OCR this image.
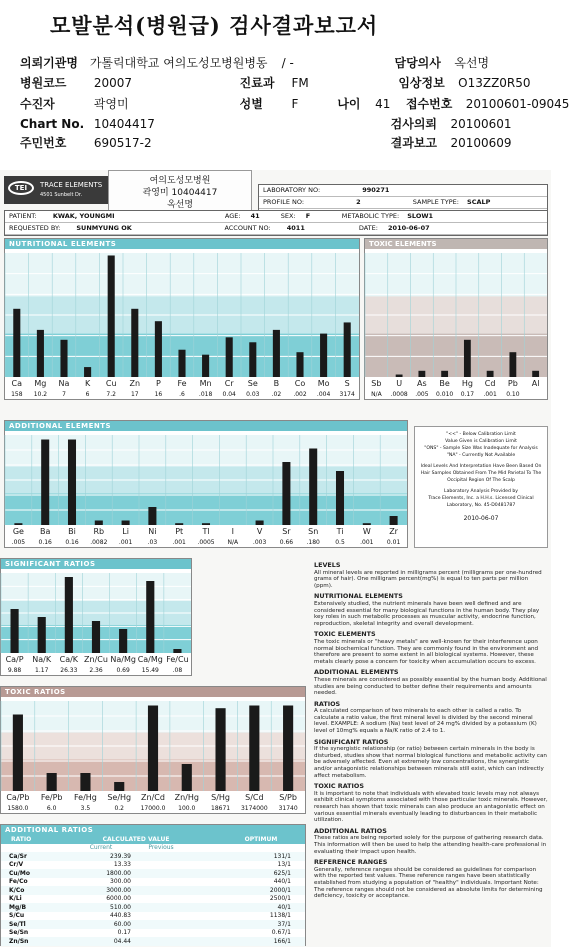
모발분석(병원급) 검사결과보고서
의뢰기관명 가톨릭대학교 여의도성모병원병동 / -	담당의사 옥선명
병원코드 20007	진료과 FM	임상정보 O13ZZ0R50
수진자	곽영미	성별 F	나이 41 접수번호 20100601-09045
Chart No. 10404417	검사의뢰 20100601
주민번호 690517-2	결과보고 20100609
TEI	TRACE ELEMENTS
4501 Sunbelt Dr.
여의도성모병원
곽영미 10404417
옥선명
LABORATORY NO:	990271
PROFILE NO:	2	SAMPLE TYPE: SCALP
PATIENT: KWAK, YOUNGMI	AGE: 41	SEX: F	METABOLIC TYPE: SLOW1
REQUESTED BY: SUNMYUNG OK	ACCOUNT NO: 4011	DATE: 2010-06-07
NUTRITIONAL ELEMENTS
Ca
158
Mg
10.2
Na
7
K
6
Cu
7.2
Zn
17
P
16
Fe
.6
Mn
.018
Cr
0.04
Se
0.03
B
.02
Co
.002
Mo
.004
S
3174
TOXIC ELEMENTS
Sb
N/A
U
.0008
As
.005
Be
0.010
Hg
0.17
Cd
.001
Pb
0.10
Al
ADDITIONAL ELEMENTS
Ge
.005
Ba
0.16
Bi
0.16
Rb
.0082
Li
.001
Ni
.03
Pt
.001
Tl
.0005
I
N/A
V
.003
Sr
0.66
Sn
.180
Ti
0.5
W
.001
Zr
0.01
"<<" - Below Calibration Limit
Value Given is Calibration Limit
"ONS" - Sample Size Was Inadequate for Analysis
"NA" - Currently Not Available
Ideal Levels And Interpretation Have Been Based On
Hair Samples Obtained From The Mid Parietal To The
Occipital Region Of The Scalp
Laboratory Analysis Provided by
Trace Elements, Inc. a H.H.s. Licensed Clinical
Laboratory, No. 45-D0481787
2010-06-07
SIGNIFICANT RATIOS
Ca/P
9.88
Na/K
1.17
Ca/K
26.33
Zn/Cu
2.36
Na/Mg
0.69
Ca/Mg
15.49
Fe/Cu
.08
TOXIC RATIOS
Ca/Pb
1580.0
Fe/Pb
6.0
Fe/Hg
3.5
Se/Hg
0.2
Zn/Cd
17000.0
Zn/Hg
100.0
S/Hg
18671
S/Cd
3174000
S/Pb
31740
ADDITIONAL RATIOS
RATIO	CALCULATED VALUE	OPTIMUM
Current	Previous
Ca/Sr	239.39	131/1
Cr/V	13.33	13/1
Cu/Mo	1800.00	625/1
Fe/Co	300.00	440/1
K/Co	3000.00	2000/1
K/Li	6000.00	2500/1
Mg/B	510.00	40/1
S/Cu	440.83	1138/1
Se/Tl	60.00	37/1
Se/Sn	0.17	0.67/1
Zn/Sn	04.44	166/1
LEVELS
All mineral levels are reported in milligrams percent (milligrams per one-hundred grams of hair). One milligram percent(mg%) is equal to ten parts per million (ppm).
NUTRITIONAL ELEMENTS
Extensively studied, the nutrient minerals have been well defined and are considered essential for many biological functions in the human body. They play key roles in such metabolic processes as muscular activity, endocrine function, reproduction, skeletal integrity and overall development.
TOXIC ELEMENTS
The toxic minerals or "heavy metals" are well-known for their interference upon normal biochemical function. They are commonly found in the environment and therefore are present to some extent in all biological systems. However, these metals clearly pose a concern for toxicity when accumulation occurs to excess.
ADDITIONAL ELEMENTS
These minerals are considered as possibly essential by the human body. Additional studies are being conducted to better define their requirements and amounts needed.
RATIOS
A calculated comparison of two minerals to each other is called a ratio. To calculate a ratio value, the first mineral level is divided by the second mineral level. EXAMPLE: A sodium (Na) test level of 24 mg% divided by a potassium (K) level of 10mg% equals a Na/K ratio of 2.4 to 1.
SIGNIFICANT RATIOS
If the synergistic relationship (or ratio) between certain minerals in the body is disturbed, studies show that normal biological functions and metabolic activity can be adversely affected. Even at extremely low concentrations, the synergistic and/or antagonistic relationships between minerals still exist, which can indirectly affect metabolism.
TOXIC RATIOS
It is important to note that individuals with elevated toxic levels may not always exhibit clinical symptoms associated with those particular toxic minerals. However, research has shown that toxic minerals can also produce an antagonistic effect on various essential minerals eventually leading to disturbances in their metabolic utilization.
ADDITIONAL RATIOS
These ratios are being reported solely for the purpose of gathering research data. This information will then be used to help the attending health-care professional in evaluating their impact upon health.
REFERENCE RANGES
Generally, reference ranges should be considered as guidelines for comparison with the reported test values. These reference ranges have been statistically established from studying a population of "healthy" individuals. Important Note: The reference ranges should not be considered as absolute limits for determining deficiency, toxicity or acceptance.
